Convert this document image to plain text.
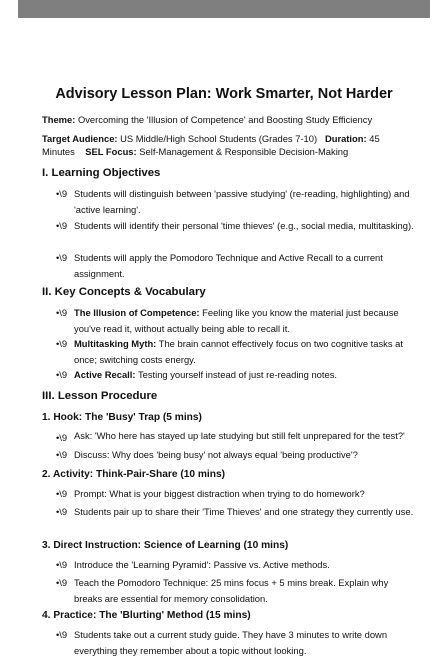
Advisory Lesson Plan: Work Smarter, Not Harder
Theme: Overcoming the 'Illusion of Competence' and Boosting Study Efficiency
Target Audience: US Middle/High School Students (Grades 7-10) Duration: 45
Minutes SEL Focus: Self-Management & Responsible Decision-Making
I. Learning Objectives
•\9 Students will distinguish between 'passive studying' (re-reading, highlighting) and 'active learning'.
•\9 Students will identify their personal 'time thieves' (e.g., social media, multitasking).
•\9 Students will apply the Pomodoro Technique and Active Recall to a current assignment.
II. Key Concepts & Vocabulary
•\9 The Illusion of Competence: Feeling like you know the material just because you've read it, without actually being able to recall it.
•\9 Multitasking Myth: The brain cannot effectively focus on two cognitive tasks at once; switching costs energy.
•\9 Active Recall: Testing yourself instead of just re-reading notes.
III. Lesson Procedure
1. Hook: The 'Busy' Trap (5 mins)
•\9 Ask: 'Who here has stayed up late studying but still felt unprepared for the test?'
•\9 Discuss: Why does 'being busy' not always equal 'being productive'?
2. Activity: Think-Pair-Share (10 mins)
•\9 Prompt: What is your biggest distraction when trying to do homework?
•\9 Students pair up to share their 'Time Thieves' and one strategy they currently use.
3. Direct Instruction: Science of Learning (10 mins)
•\9 Introduce the 'Learning Pyramid': Passive vs. Active methods.
•\9 Teach the Pomodoro Technique: 25 mins focus + 5 mins break. Explain why breaks are essential for memory consolidation.
4. Practice: The 'Blurting' Method (15 mins)
•\9 Students take out a current study guide. They have 3 minutes to write down everything they remember about a topic without looking.
